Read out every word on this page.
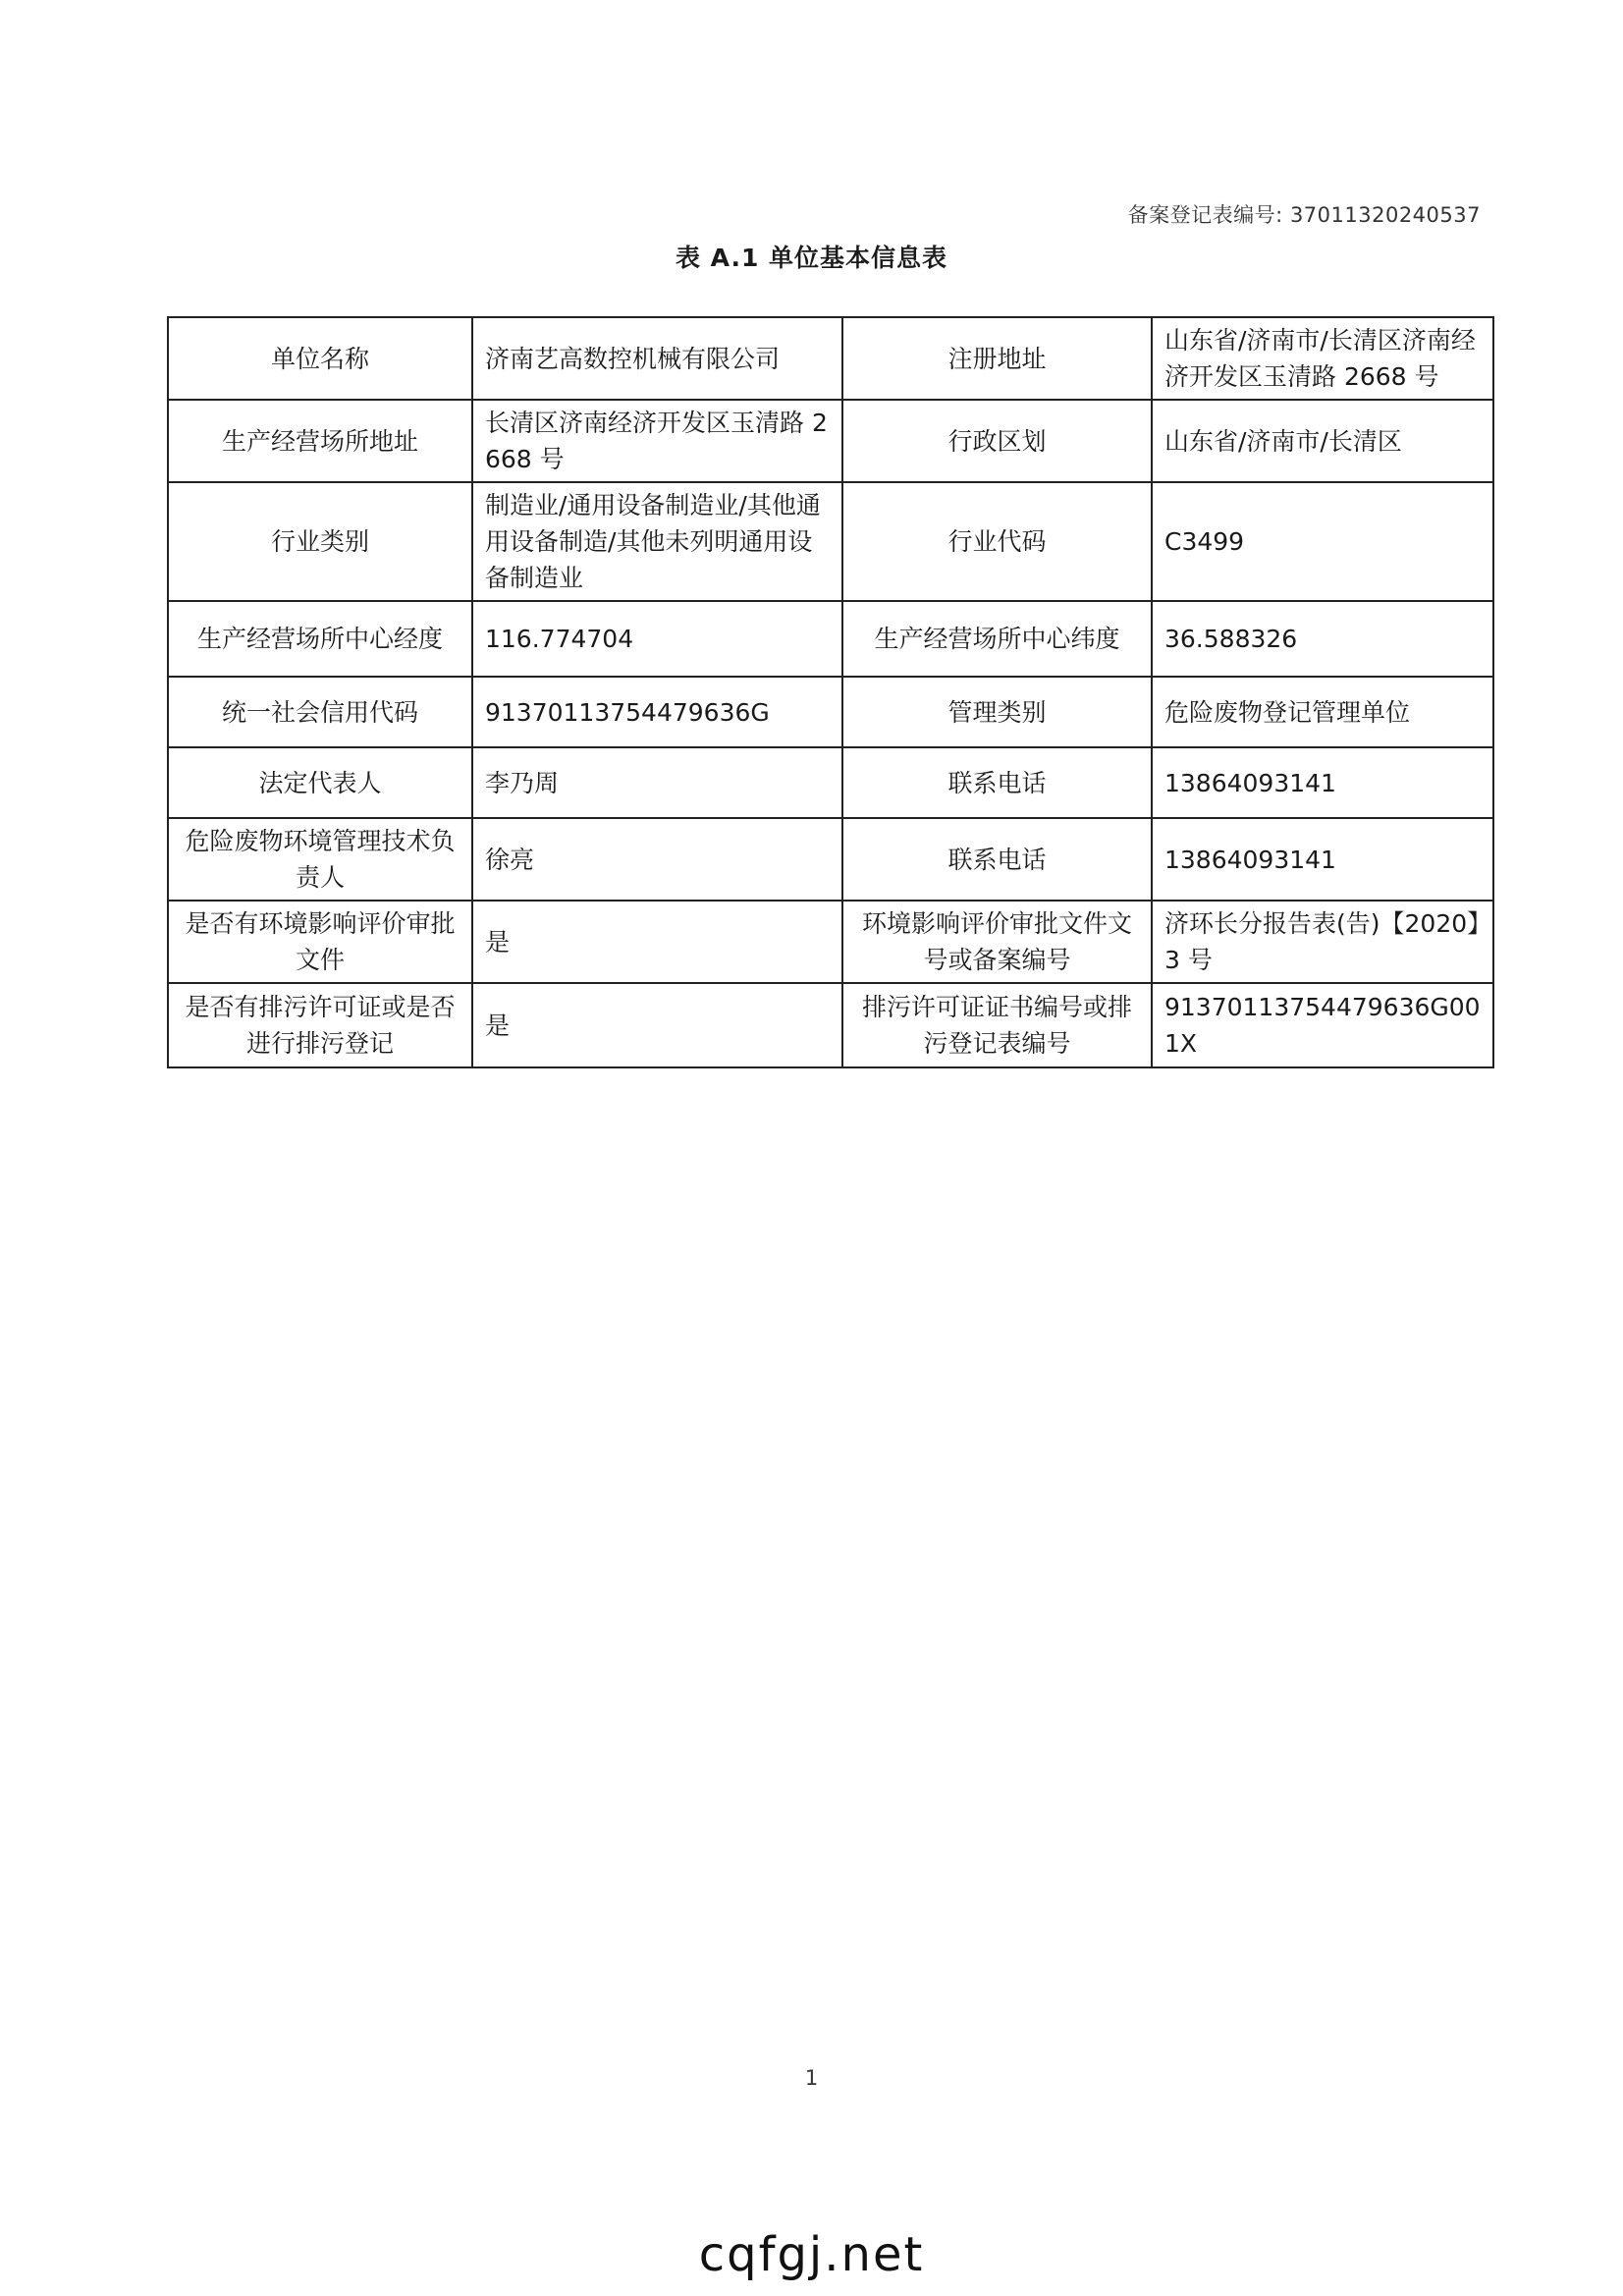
备案登记表编号: 37011320240537
表 A.1 单位基本信息表
单位名称	济南艺高数控机械有限公司	注册地址	山东省/济南市/长清区济南经济开发区玉清路 2668 号
生产经营场所地址	长清区济南经济开发区玉清路 2668 号	行政区划	山东省/济南市/长清区
行业类别	制造业/通用设备制造业/其他通用设备制造/其他未列明通用设备制造业	行业代码	C3499
生产经营场所中心经度	116.774704	生产经营场所中心纬度	36.588326
统一社会信用代码	91370113754479636G	管理类别	危险废物登记管理单位
法定代表人	李乃周	联系电话	13864093141
危险废物环境管理技术负责人	徐亮	联系电话	13864093141
是否有环境影响评价审批文件	是	环境影响评价审批文件文号或备案编号	济环长分报告表(告)【2020】3 号
是否有排污许可证或是否进行排污登记	是	排污许可证证书编号或排污登记表编号	91370113754479636G001X
1
cqfgj.net
